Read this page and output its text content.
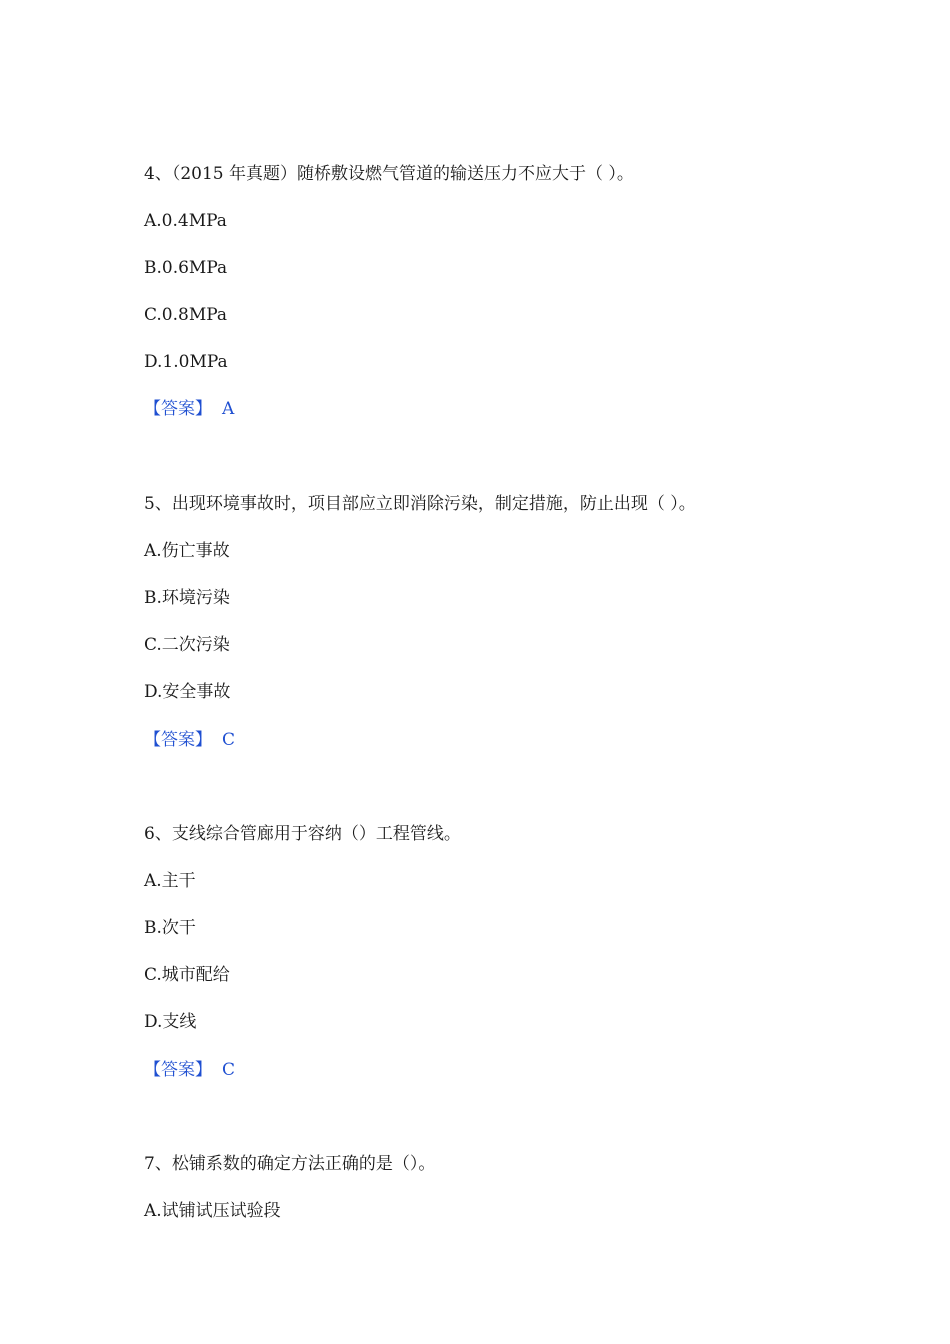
4、（2015 年真题）随桥敷设燃气管道的输送压力不应大于（ ）。
A.0.4MPa
B.0.6MPa
C.0.8MPa
D.1.0MPa
【答案】 A
5、出现环境事故时，项目部应立即消除污染，制定措施，防止出现（ ）。
A.伤亡事故
B.环境污染
C.二次污染
D.安全事故
【答案】 C
6、支线综合管廊用于容纳（）工程管线。
A.主干
B.次干
C.城市配给
D.支线
【答案】 C
7、松铺系数的确定方法正确的是（）。
A.试铺试压试验段
